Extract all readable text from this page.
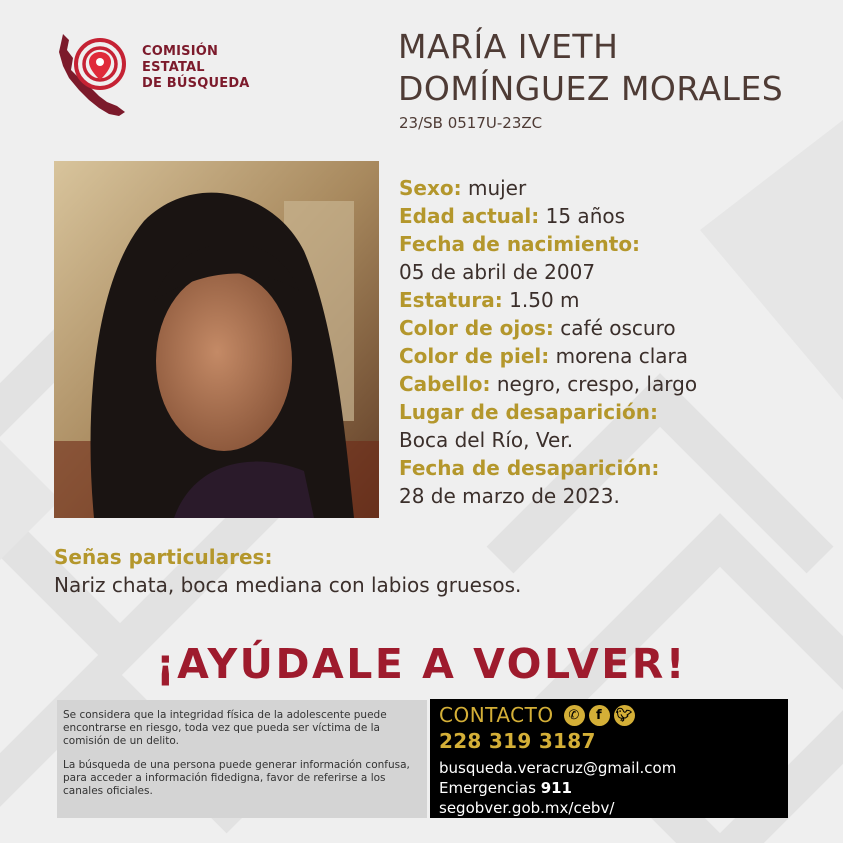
COMISIÓN ESTATAL
DE BÚSQUEDA
MARÍA IVETH
DOMÍNGUEZ MORALES
23/SB 0517U-23ZC
Sexo: mujer
Edad actual: 15 años
Fecha de nacimiento:
05 de abril de 2007
Estatura: 1.50 m
Color de ojos: café oscuro
Color de piel: morena clara
Cabello: negro, crespo, largo
Lugar de desaparición:
Boca del Río, Ver.
Fecha de desaparición:
28 de marzo de 2023.
Señas particulares:
Nariz chata, boca mediana con labios gruesos.
¡AYÚDALE A VOLVER!

Se considera que la integridad física de la adolescente puede encontrarse en riesgo, toda vez que pueda ser víctima de la comisión de un delito.

La búsqueda de una persona puede generar información confusa, para acceder a información fidedigna, favor de referirse a los canales oficiales.

CONTACTO	✆	f	🐦︎
228 319 3187
busqueda.veracruz@gmail.com
Emergencias 911
segobver.gob.mx/cebv/
